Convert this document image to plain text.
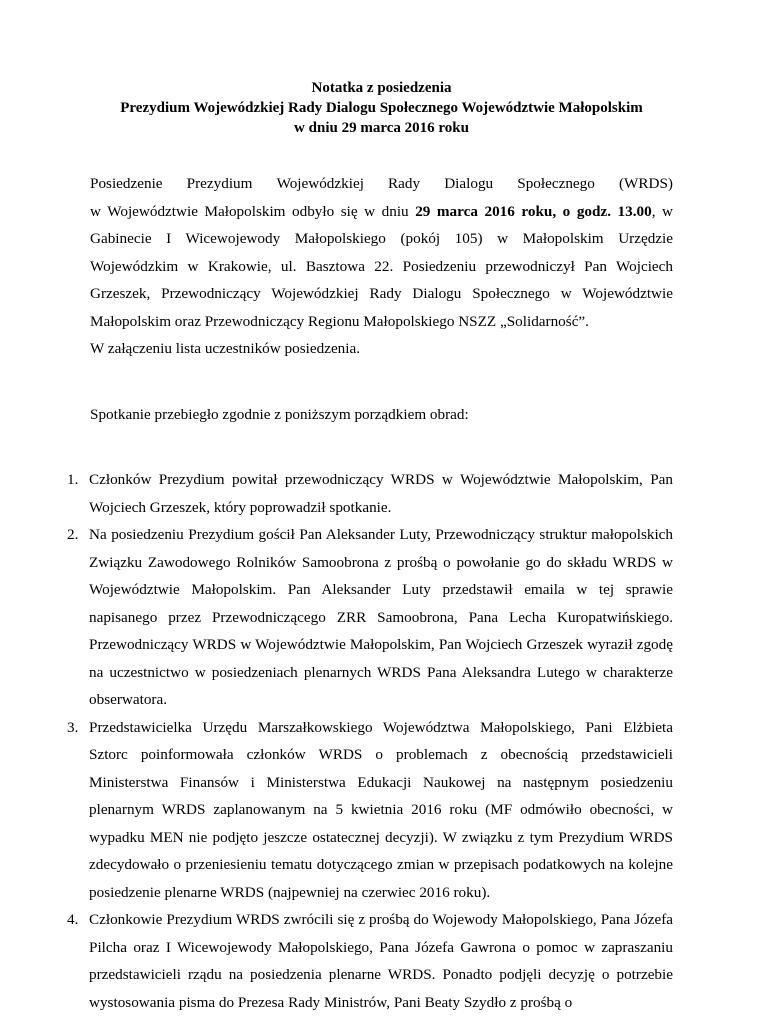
Notatka z posiedzenia
Prezydium Wojewódzkiej Rady Dialogu Społecznego Województwie Małopolskim
w dniu 29 marca 2016 roku
Posiedzenie Prezydium Wojewódzkiej Rady Dialogu Społecznego (WRDS)

w Województwie Małopolskim odbyło się w dniu 29 marca 2016 roku, o godz. 13.00, w Gabinecie I Wicewojewody Małopolskiego (pokój 105) w Małopolskim Urzędzie Wojewódzkim w Krakowie, ul. Basztowa 22. Posiedzeniu przewodniczył Pan Wojciech Grzeszek, Przewodniczący Wojewódzkiej Rady Dialogu Społecznego w Województwie Małopolskim oraz Przewodniczący Regionu Małopolskiego NSZZ „Solidarność”.

W załączeniu lista uczestników posiedzenia.

Spotkanie przebiegło zgodnie z poniższym porządkiem obrad:
1. Członków Prezydium powitał przewodniczący WRDS w Województwie Małopolskim, Pan Wojciech Grzeszek, który poprowadził spotkanie.
2. Na posiedzeniu Prezydium gościł Pan Aleksander Luty, Przewodniczący struktur małopolskich Związku Zawodowego Rolników Samoobrona z prośbą o powołanie go do składu WRDS w Województwie Małopolskim. Pan Aleksander Luty przedstawił emaila w tej sprawie napisanego przez Przewodniczącego ZRR Samoobrona, Pana Lecha Kuropatwińskiego. Przewodniczący WRDS w Województwie Małopolskim, Pan Wojciech Grzeszek wyraził zgodę na uczestnictwo w posiedzeniach plenarnych WRDS Pana Aleksandra Lutego w charakterze obserwatora.
3. Przedstawicielka Urzędu Marszałkowskiego Województwa Małopolskiego, Pani Elżbieta Sztorc poinformowała członków WRDS o problemach z obecnością przedstawicieli Ministerstwa Finansów i Ministerstwa Edukacji Naukowej na następnym posiedzeniu plenarnym WRDS zaplanowanym na 5 kwietnia 2016 roku (MF odmówiło obecności, w wypadku MEN nie podjęto jeszcze ostatecznej decyzji). W związku z tym Prezydium WRDS zdecydowało o przeniesieniu tematu dotyczącego zmian w przepisach podatkowych na kolejne posiedzenie plenarne WRDS (najpewniej na czerwiec 2016 roku).
4. Członkowie Prezydium WRDS zwrócili się z prośbą do Wojewody Małopolskiego, Pana Józefa Pilcha oraz I Wicewojewody Małopolskiego, Pana Józefa Gawrona o pomoc w zapraszaniu przedstawicieli rządu na posiedzenia plenarne WRDS. Ponadto podjęli decyzję o potrzebie wystosowania pisma do Prezesa Rady Ministrów, Pani Beaty Szydło z prośbą o
